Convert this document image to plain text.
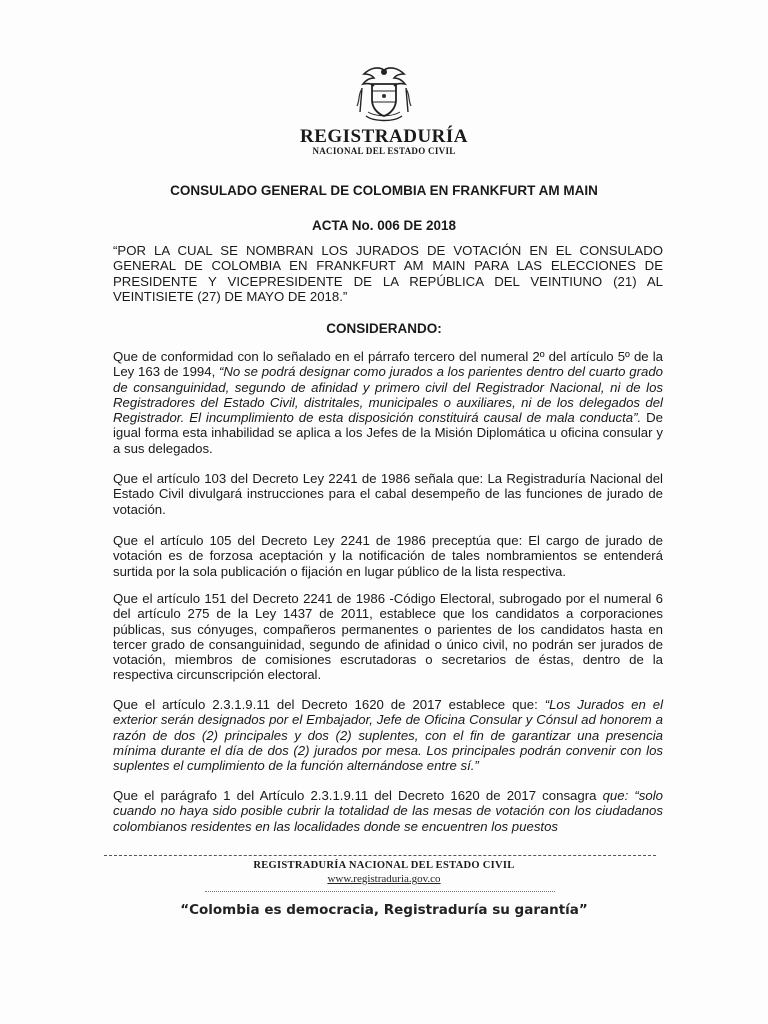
REGISTRADURÍA
NACIONAL DEL ESTADO CIVIL
CONSULADO GENERAL DE COLOMBIA EN FRANKFURT AM MAIN
ACTA No. 006 DE 2018
“POR LA CUAL SE NOMBRAN LOS JURADOS DE VOTACIÓN EN EL CONSULADO GENERAL DE COLOMBIA EN FRANKFURT AM MAIN PARA LAS ELECCIONES DE PRESIDENTE Y VICEPRESIDENTE DE LA REPÚBLICA DEL VEINTIUNO (21) AL VEINTISIETE (27) DE MAYO DE 2018.”
CONSIDERANDO:

Que de conformidad con lo señalado en el párrafo tercero del numeral 2º del artículo 5º de la Ley 163 de 1994, “No se podrá designar como jurados a los parientes dentro del cuarto grado de consanguinidad, segundo de afinidad y primero civil del Registrador Nacional, ni de los Registradores del Estado Civil, distritales, municipales o auxiliares, ni de los delegados del Registrador. El incumplimiento de esta disposición constituirá causal de mala conducta”. De igual forma esta inhabilidad se aplica a los Jefes de la Misión Diplomática u oficina consular y a sus delegados.

Que el artículo 103 del Decreto Ley 2241 de 1986 señala que: La Registraduría Nacional del Estado Civil divulgará instrucciones para el cabal desempeño de las funciones de jurado de votación.

Que el artículo 105 del Decreto Ley 2241 de 1986 preceptúa que: El cargo de jurado de votación es de forzosa aceptación y la notificación de tales nombramientos se entenderá surtida por la sola publicación o fijación en lugar público de la lista respectiva.

Que el artículo 151 del Decreto 2241 de 1986 -Código Electoral, subrogado por el numeral 6 del artículo 275 de la Ley 1437 de 2011, establece que los candidatos a corporaciones públicas, sus cónyuges, compañeros permanentes o parientes de los candidatos hasta en tercer grado de consanguinidad, segundo de afinidad o único civil, no podrán ser jurados de votación, miembros de comisiones escrutadoras o secretarios de éstas, dentro de la respectiva circunscripción electoral.

Que el artículo 2.3.1.9.11 del Decreto 1620 de 2017 establece que: “Los Jurados en el exterior serán designados por el Embajador, Jefe de Oficina Consular y Cónsul ad honorem a razón de dos (2) principales y dos (2) suplentes, con el fin de garantizar una presencia mínima durante el día de dos (2) jurados por mesa. Los principales podrán convenir con los suplentes el cumplimiento de la función alternándose entre sí.”

Que el parágrafo 1 del Artículo 2.3.1.9.11 del Decreto 1620 de 2017 consagra que: “solo cuando no haya sido posible cubrir la totalidad de las mesas de votación con los ciudadanos colombianos residentes en las localidades donde se encuentren los puestos

REGISTRADURÍA NACIONAL DEL ESTADO CIVIL
www.registraduria.gov.co
“Colombia es democracia, Registraduría su garantía”
